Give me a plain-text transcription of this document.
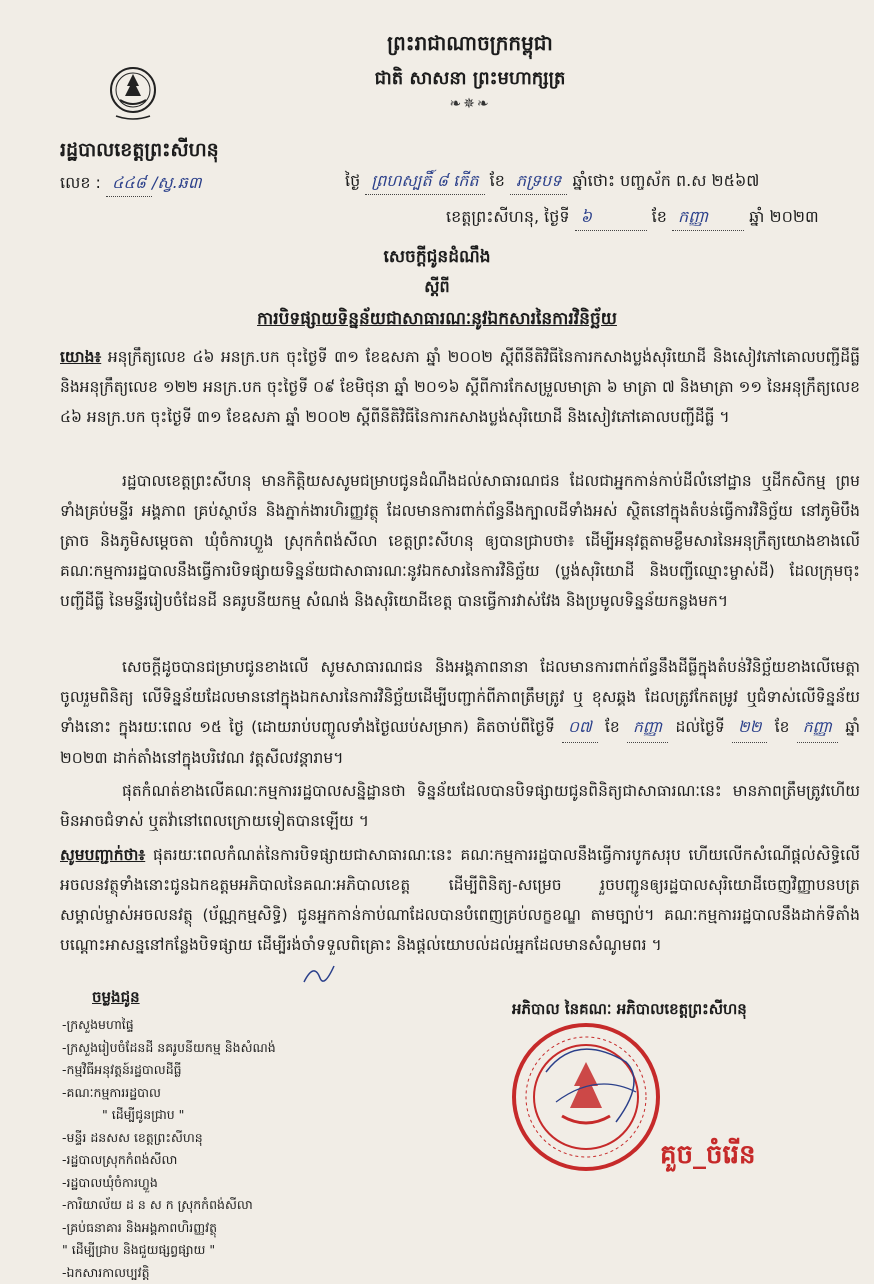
ព្រះរាជាណាចក្រកម្ពុជា
ជាតិ សាសនា ព្រះមហាក្សត្រ
❧✵❧
រដ្ឋបាលខេត្តព្រះសីហនុ
លេខ : ៤៤៨ /ស្វ.ឆ៣	ថ្ងៃ ព្រហស្បតិ៍ ៨ កើត ខែ ភទ្របទ ឆ្នាំថោះ បញ្ចស័ក ព.ស ២៥៦៧
ខេត្តព្រះសីហនុ, ថ្ងៃទី ៦	ខែ កញ្ញា	ឆ្នាំ ២០២៣
សេចក្ដីជូនដំណឹង
ស្ដីពី
ការបិទផ្សាយទិន្នន័យជាសាធារណៈនូវឯកសារនៃការវិនិច្ឆ័យ
យោង៖ អនុក្រឹត្យលេខ ៤៦ អនក្រ.បក ចុះថ្ងៃទី ៣១ ខែឧសភា ឆ្នាំ ២០០២ ស្ដីពីនីតិវិធីនៃការកសាងប្លង់សុរិយោដី និងសៀវភៅគោលបញ្ជីដីធ្លី និងអនុក្រឹត្យលេខ ១២២ អនក្រ.បក ចុះថ្ងៃទី ០៩ ខែមិថុនា ឆ្នាំ ២០១៦ ស្ដីពីការកែសម្រួលមាត្រា ៦ មាត្រា ៧ និងមាត្រា ១១ នៃអនុក្រឹត្យលេខ ៤៦ អនក្រ.បក ចុះថ្ងៃទី ៣១ ខែឧសភា ឆ្នាំ ២០០២ ស្ដីពីនីតិវិធីនៃការកសាងប្លង់សុរិយោដី និងសៀវភៅគោលបញ្ជីដីធ្លី ។
រដ្ឋបាលខេត្តព្រះសីហនុ មានកិត្តិយសសូមជម្រាបជូនដំណឹងដល់សាធារណជន ដែលជាអ្នកកាន់កាប់ដីលំនៅដ្ឋាន ឬដីកសិកម្ម ព្រមទាំងគ្រប់មន្ទីរ អង្គភាព គ្រប់ស្ថាប័ន និងភ្នាក់ងារហិរញ្ញវត្ថុ ដែលមានការពាក់ព័ន្ធនឹងក្បាលដីទាំងអស់ ស្ថិតនៅក្នុងតំបន់ធ្វើការវិនិច្ឆ័យ នៅភូមិបឹងត្រាច និងភូមិសម្ដេចតា ឃុំចំការហ្លួង ស្រុកកំពង់សីលា ខេត្តព្រះសីហនុ ឲ្យបានជ្រាបថា៖ ដើម្បីអនុវត្តតាមខ្លឹមសារនៃអនុក្រឹត្យយោងខាងលើ គណៈកម្មការរដ្ឋបាលនឹងធ្វើការបិទផ្សាយទិន្នន័យជាសាធារណៈនូវឯកសារនៃការវិនិច្ឆ័យ (ប្លង់សុរិយោដី និងបញ្ជីឈ្មោះម្ចាស់ដី) ដែលក្រុមចុះបញ្ជីដីធ្លី នៃមន្ទីររៀបចំដែនដី នគរូបនីយកម្ម សំណង់ និងសុរិយោដីខេត្ត បានធ្វើការវាស់វែង និងប្រមូលទិន្នន័យកន្លងមក។
សេចក្ដីដូចបានជម្រាបជូនខាងលើ សូមសាធារណជន និងអង្គភាពនានា ដែលមានការពាក់ព័ន្ធនឹងដីធ្លីក្នុងតំបន់វិនិច្ឆ័យខាងលើមេត្តាចូលរួមពិនិត្យ លើទិន្នន័យដែលមាននៅក្នុងឯកសារនៃការវិនិច្ឆ័យដើម្បីបញ្ជាក់ពីភាពត្រឹមត្រូវ ឬ ខុសឆ្គង ដែលត្រូវកែតម្រូវ ឬជំទាស់លើទិន្នន័យទាំងនោះ ក្នុងរយៈពេល ១៥ ថ្ងៃ (ដោយរាប់បញ្ចូលទាំងថ្ងៃឈប់សម្រាក) គិតចាប់ពីថ្ងៃទី ០៧ ខែ កញ្ញា ដល់ថ្ងៃទី ២២ ខែ កញ្ញា ឆ្នាំ ២០២៣ ដាក់តាំងនៅក្នុងបរិវេណ វត្តសីលវន្តារាម។
ផុតកំណត់ខាងលើគណៈកម្មការរដ្ឋបាលសន្និដ្ឋានថា ទិន្នន័យដែលបានបិទផ្សាយជូនពិនិត្យជាសាធារណៈនេះ មានភាពត្រឹមត្រូវហើយមិនអាចជំទាស់ ឬតវ៉ានៅពេលក្រោយទៀតបានឡើយ ។
សូមបញ្ជាក់ថា៖ ផុតរយៈពេលកំណត់នៃការបិទផ្សាយជាសាធារណៈនេះ គណៈកម្មការរដ្ឋបាលនឹងធ្វើការបូកសរុប ហើយលើកសំណើផ្ដល់សិទ្ធិលើអចលនវត្ថុទាំងនោះជូនឯកឧត្ដមអភិបាលនៃគណៈអភិបាលខេត្ត ដើម្បីពិនិត្យ-សម្រេច រួចបញ្ជូនឲ្យរដ្ឋបាលសុរិយោដីចេញវិញ្ញាបនបត្រសម្គាល់ម្ចាស់អចលនវត្ថុ (ប័ណ្ណកម្មសិទ្ធិ) ជូនអ្នកកាន់កាប់ណាដែលបានបំពេញគ្រប់លក្ខខណ្ឌ តាមច្បាប់។ គណៈកម្មការរដ្ឋបាលនឹងដាក់ទីតាំងបណ្ដោះអាសន្ននៅកន្លែងបិទផ្សាយ ដើម្បីរង់ចាំទទួលពិគ្រោះ និងផ្ដល់យោបល់ដល់អ្នកដែលមានសំណូមពរ ។
ចម្លងជូន
-ក្រសួងមហាផ្ទៃ
-ក្រសួងរៀបចំដែនដី នគរូបនីយកម្ម និងសំណង់
-កម្មវិធីអនុវត្តន៍រដ្ឋបាលដីធ្លី
-គណៈកម្មការរដ្ឋបាល
" ដើម្បីជូនជ្រាប "
-មន្ទីរ ដនសស ខេត្តព្រះសីហនុ
-រដ្ឋបាលស្រុកកំពង់សីលា
-រដ្ឋបាលឃុំចំការហ្លួង
-ការិយាល័យ ដ ន ស ក ស្រុកកំពង់សីលា
-គ្រប់ធនាគារ និងអង្គភាពហិរញ្ញវត្ថុ
" ដើម្បីជ្រាប និងជួយផ្សព្វផ្សាយ "
-ឯកសារកាលប្បវត្តិ
អភិបាល នៃគណៈ អភិបាលខេត្តព្រះសីហនុ
គួច_ចំរើន
